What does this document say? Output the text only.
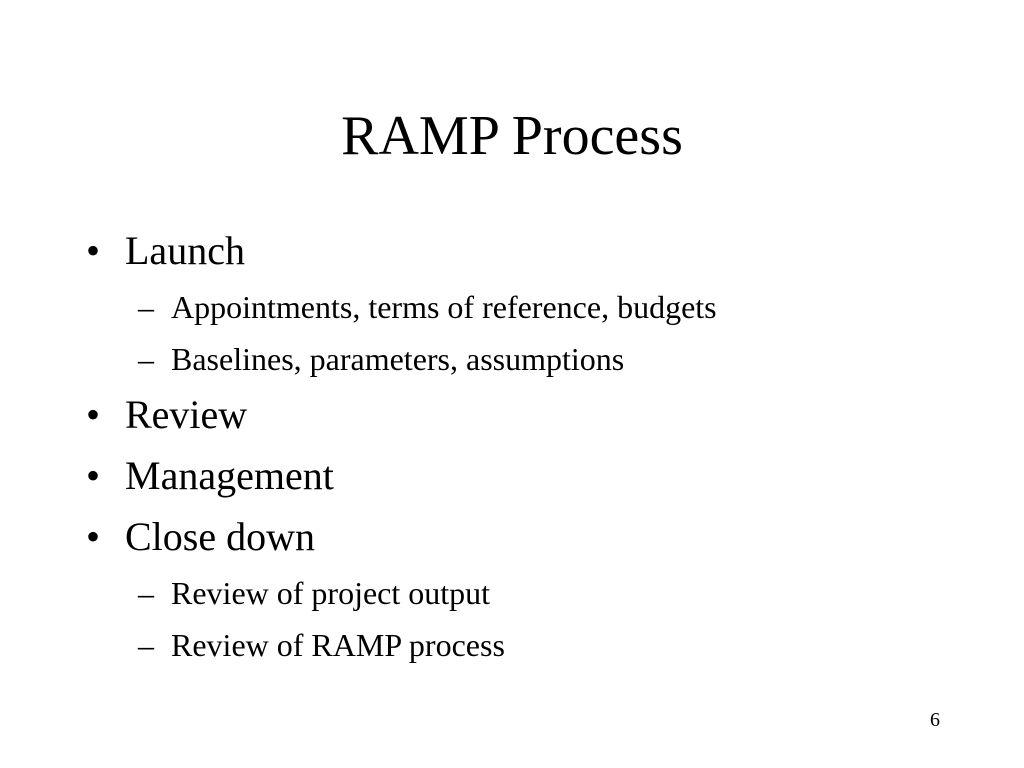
RAMP Process
• Launch
– Appointments, terms of reference, budgets
– Baselines, parameters, assumptions
• Review
• Management
• Close down
– Review of project output
– Review of RAMP process
6
